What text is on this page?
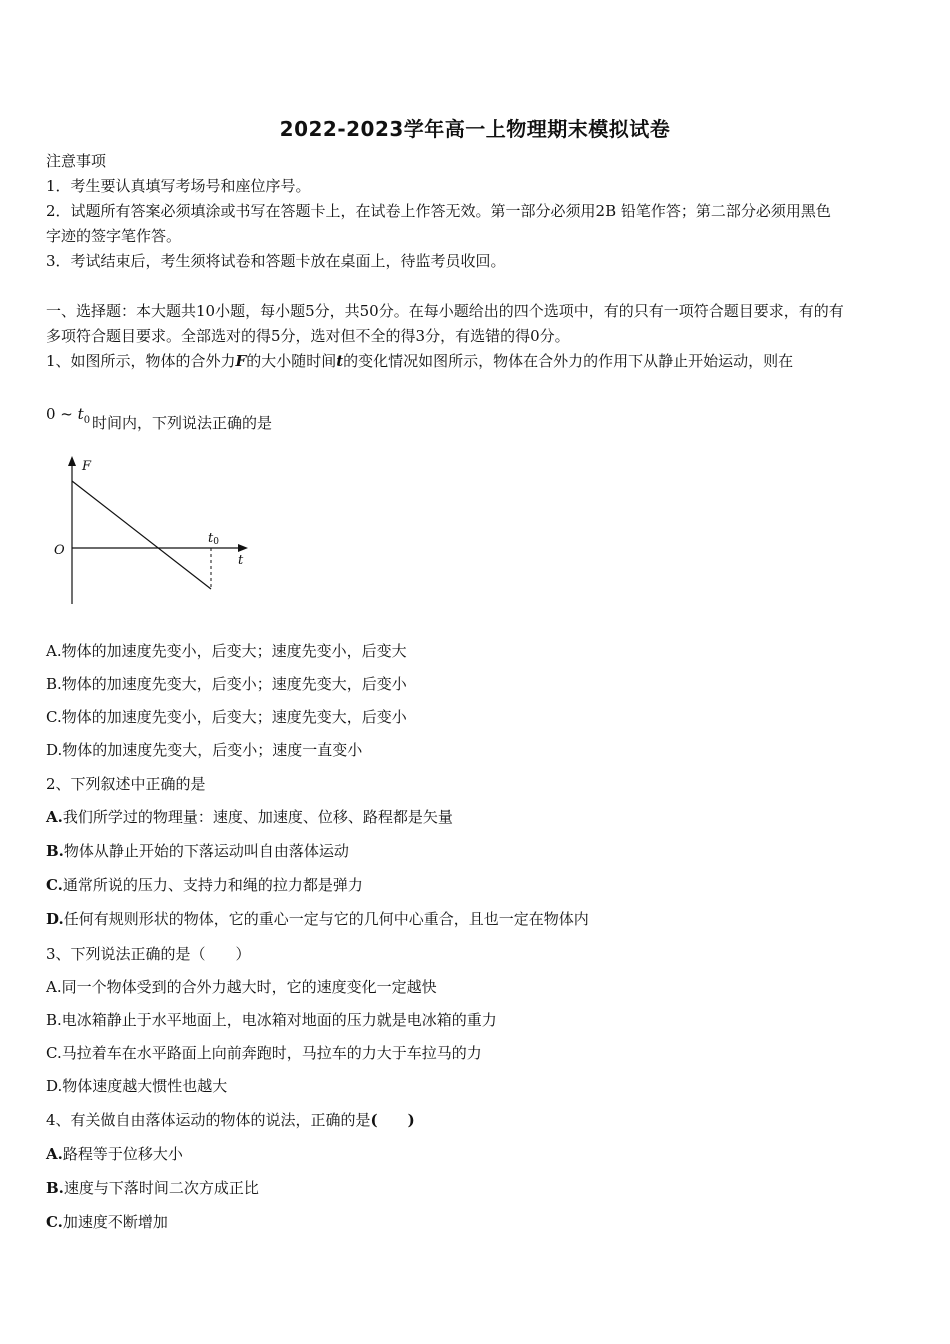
2022-2023学年高一上物理期末模拟试卷
注意事项
1．考生要认真填写考场号和座位序号。
2．试题所有答案必须填涂或书写在答题卡上，在试卷上作答无效。第一部分必须用2B 铅笔作答；第二部分必须用黑色
字迹的签字笔作答。
3．考试结束后，考生须将试卷和答题卡放在桌面上，待监考员收回。
一、选择题：本大题共10小题，每小题5分，共50分。在每小题给出的四个选项中，有的只有一项符合题目要求，有的有
多项符合题目要求。全部选对的得5分，选对但不全的得3分，有选错的得0分。
1、如图所示，物体的合外力F的大小随时间t的变化情况如图所示，物体在合外力的作用下从静止开始运动，则在
0 ~ $t_0$ 时间内，下列说法正确的是
F
O
t
t0
A.物体的加速度先变小，后变大；速度先变小，后变大
B.物体的加速度先变大，后变小；速度先变大，后变小
C.物体的加速度先变小，后变大；速度先变大，后变小
D.物体的加速度先变大，后变小；速度一直变小
2、下列叙述中正确的是
A.我们所学过的物理量：速度、加速度、位移、路程都是矢量
B.物体从静止开始的下落运动叫自由落体运动
C.通常所说的压力、支持力和绳的拉力都是弹力
D.任何有规则形状的物体，它的重心一定与它的几何中心重合，且也一定在物体内
3、下列说法正确的是（　　）
A.同一个物体受到的合外力越大时，它的速度变化一定越快
B.电冰箱静止于水平地面上，电冰箱对地面的压力就是电冰箱的重力
C.马拉着车在水平路面上向前奔跑时，马拉车的力大于车拉马的力
D.物体速度越大惯性也越大
4、有关做自由落体运动的物体的说法，正确的是(　　)
A.路程等于位移大小
B.速度与下落时间二次方成正比
C.加速度不断增加
